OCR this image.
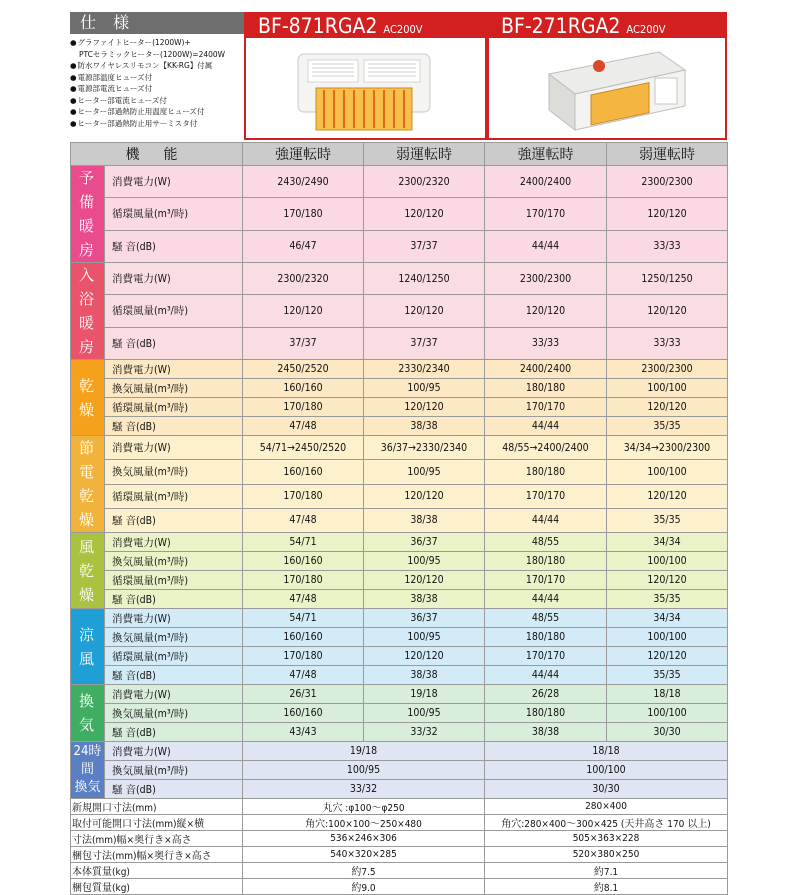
仕 様
● グラファイトヒーター(1200W)+
PTCセラミックヒーター(1200W)=2400W
● 防水ワイヤレスリモコン【KK-RG】付属
● 電源部温度ヒューズ付
● 電源部電流ヒューズ付
● ヒーター部電流ヒューズ付
● ヒーター部過熱防止用温度ヒューズ付
● ヒーター部過熱防止用サーミスタ付
BF-871RGA2 AC200V	BF-271RGA2 AC200V
機 能		強運転時	弱運転時	強運転時	弱運転時

予備
暖房	消費電力(W)	2430/2490	2300/2320	2400/2400	2300/2300
	循環風量(m³/時)	170/180	120/120	170/170	120/120
	騒 音(dB)	46/47	37/37	44/44	33/33

入浴
暖房	消費電力(W)	2300/2320	1240/1250	2300/2300	1250/1250
	循環風量(m³/時)	120/120	120/120	120/120	120/120
	騒 音(dB)	37/37	37/37	33/33	33/33

乾燥	消費電力(W)	2450/2520	2330/2340	2400/2400	2300/2300
	換気風量(m³/時)	160/160	100/95	180/180	100/100
	循環風量(m³/時)	170/180	120/120	170/170	120/120
	騒 音(dB)	47/48	38/38	44/44	35/35

節電
乾燥	消費電力(W)	54/71→2450/2520	36/37→2330/2340	48/55→2400/2400	34/34→2300/2300
	換気風量(m³/時)	160/160	100/95	180/180	100/100
	循環風量(m³/時)	170/180	120/120	170/170	120/120
	騒 音(dB)	47/48	38/38	44/44	35/35

風乾燥	消費電力(W)	54/71	36/37	48/55	34/34
	換気風量(m³/時)	160/160	100/95	180/180	100/100
	循環風量(m³/時)	170/180	120/120	170/170	120/120
	騒 音(dB)	47/48	38/38	44/44	35/35

涼風	消費電力(W)	54/71	36/37	48/55	34/34
	換気風量(m³/時)	160/160	100/95	180/180	100/100
	循環風量(m³/時)	170/180	120/120	170/170	120/120
	騒 音(dB)	47/48	38/38	44/44	35/35

換気	消費電力(W)	26/31	19/18	26/28	18/18
	換気風量(m³/時)	160/160	100/95	180/180	100/100
	騒 音(dB)	43/43	33/32	38/38	30/30

24時間
換気	消費電力(W)	19/18		18/18	
	換気風量(m³/時)	100/95		100/100	
	騒 音(dB)	33/32		30/30	
新規開口寸法(mm)		丸穴 :φ100〜φ250		280×400	
取付可能開口寸法(mm)縦×横		角穴:100×100〜250×480		角穴:280×400〜300×425 (天井高さ 170 以上)	
寸法(mm)幅×奥行き×高さ		536×246×306		505×363×228	
梱包寸法(mm)幅×奥行き×高さ		540×320×285		520×380×250	
本体質量(kg)		約7.5		約7.1	
梱包質量(kg)		約9.0		約8.1	
